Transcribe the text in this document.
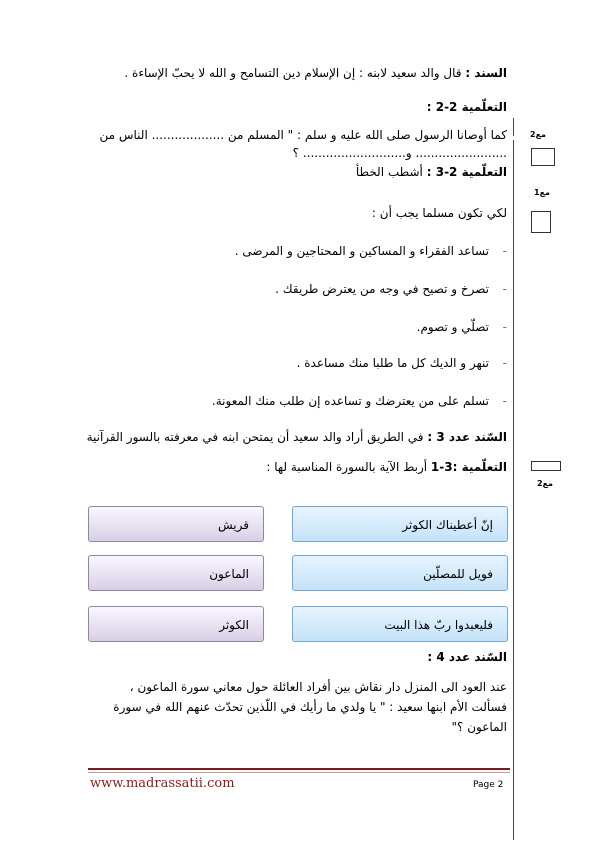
السند : قال والد سعيد لابنه : إن الإسلام دين التسامح و الله لا يحبّ الإساءة .
التعلّمية 2-2 :
كما أوصانا الرسول صلى الله عليه و سلم : " المسلم من ................... الناس من
........................ و........................... ؟
التعلّمية 2-3 : أشطب الخطأ
لكي تكون مسلما يجب أن :
-
تساعد الفقراء و المساكين و المحتاجين و المرضى .
-
تصرخ و تصيح في وجه من يعترض طريقك .
-
تصلّي و تصوم.
-
تنهر و الديك كل ما طلبا منك مساعدة .
-
تسلم على من يعترضك و تساعده إن طلب منك المعونة.
السّند عدد 3 : في الطريق أراد والد سعيد أن يمتحن ابنه في معرفته بالسور القرآنية
التعلّمية :3-1 أربط الآية بالسورة المناسبة لها :
إنّ أعطيناك الكوثر
قريش
فويل للمصلّين
الماعون
فليعبدوا ربّ هذا البيت
الكوثر
السّند عدد 4 :
عند العود الى المنزل دار نقاش بين أفراد العائلة حول معاني سورة الماعون ،
فسألت الأم ابنها سعيد : " يا ولدي ما رأيك في اللّذين تحدّث عنهم الله في سورة
الماعون ؟"
مع2
مع1
مع2
www.madrassatii.com	Page 2
